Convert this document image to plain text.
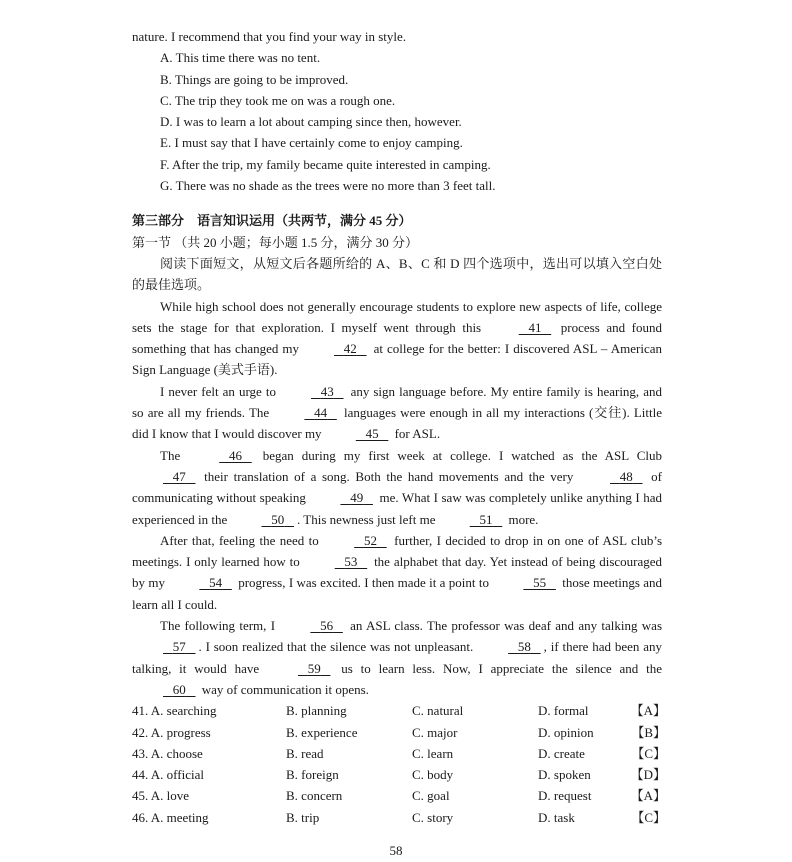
nature. I recommend that you find your way in style.

A. This time there was no tent.

B. Things are going to be improved.

C. The trip they took me on was a rough one.

D. I was to learn a lot about camping since then, however.

E. I must say that I have certainly come to enjoy camping.

F. After the trip, my family became quite interested in camping.

G. There was no shade as the trees were no more than 3 feet tall.

第三部分　语言知识运用（共两节，满分 45 分）

第一节 （共 20 小题；每小题 1.5 分，满分 30 分）

阅读下面短文，从短文后各题所给的 A、B、C 和 D 四个选项中，选出可以填入空白处的最佳选项。

While high school does not generally encourage students to explore new aspects of life, college sets the stage for that exploration. I myself went through this	41 process and found something that has changed my	42 at college for the better: I discovered ASL – American Sign Language (美式手语).

I never felt an urge to	43 any sign language before. My entire family is hearing, and so are all my friends. The	44 languages were enough in all my interactions (交往). Little did I know that I would discover my	45 for ASL.

The	46 began during my first week at college. I watched as the ASL Club 47 their translation of a song. Both the hand movements and the very	48 of communicating without speaking	49 me. What I saw was completely unlike anything I had experienced in the	50 . This newness just left me	51 more.

After that, feeling the need to	52 further, I decided to drop in on one of ASL club’s meetings. I only learned how to	53 the alphabet that day. Yet instead of being discouraged by my	54 progress, I was excited. I then made it a point to	55 those meetings and learn all I could.

The following term, I	56 an ASL class. The professor was deaf and any talking was 57 . I soon realized that the silence was not unpleasant.	58 , if there had been any talking, it would have	59 us to learn less. Now, I appreciate the silence and the 60 way of communication it opens.

41. A. searching	B. planning	C. natural	D. formal	【A】
42. A. progress	B. experience	C. major	D. opinion	【B】
43. A. choose	B. read	C. learn	D. create	【C】
44. A. official	B. foreign	C. body	D. spoken	【D】
45. A. love	B. concern	C. goal	D. request	【A】
46. A. meeting	B. trip	C. story	D. task	【C】
58
